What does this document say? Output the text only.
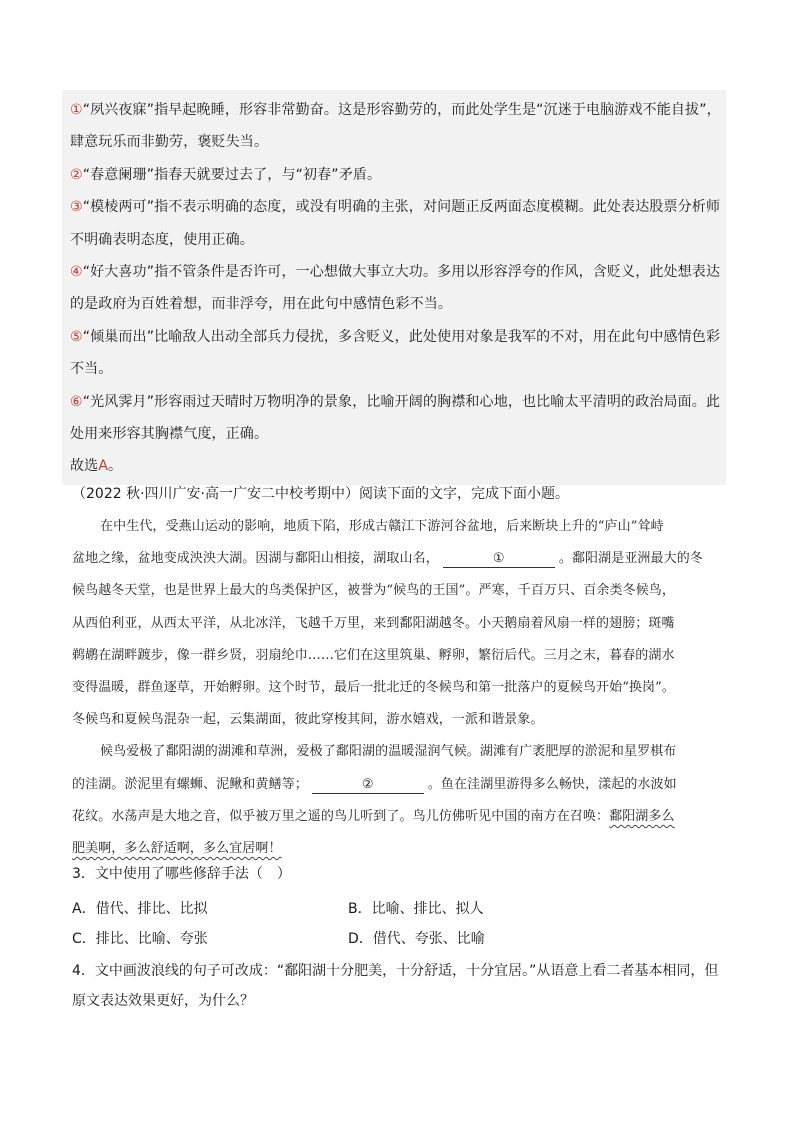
①“夙兴夜寐”指早起晚睡，形容非常勤奋。这是形容勤劳的，而此处学生是“沉迷于电脑游戏不能自拔”，
肆意玩乐而非勤劳，褒贬失当。
②“春意阑珊”指春天就要过去了，与“初春”矛盾。
③“模棱两可”指不表示明确的态度，或没有明确的主张，对问题正反两面态度模糊。此处表达股票分析师
不明确表明态度，使用正确。
④“好大喜功”指不管条件是否许可，一心想做大事立大功。多用以形容浮夸的作风，含贬义，此处想表达
的是政府为百姓着想，而非浮夸，用在此句中感情色彩不当。
⑤“倾巢而出”比喻敌人出动全部兵力侵扰，多含贬义，此处使用对象是我军的不对，用在此句中感情色彩
不当。
⑥“光风霁月”形容雨过天晴时万物明净的景象，比喻开阔的胸襟和心地，也比喻太平清明的政治局面。此
处用来形容其胸襟气度，正确。
故选A。
（2022 秋·四川广安·高一广安二中校考期中）阅读下面的文字，完成下面小题。
在中生代，受燕山运动的影响，地质下陷，形成古赣江下游河谷盆地，后来断块上升的“庐山”耸峙
盆地之缘，盆地变成泱泱大湖。因湖与鄱阳山相接，湖取山名，	①	。鄱阳湖是亚洲最大的冬
候鸟越冬天堂，也是世界上最大的鸟类保护区，被誉为“候鸟的王国”。严寒，千百万只、百余类冬候鸟，
从西伯利亚，从西太平洋，从北冰洋，飞越千万里，来到鄱阳湖越冬。小天鹅扇着风扇一样的翅膀；斑嘴
鹈鹕在湖畔踱步，像一群乡贤，羽扇纶巾……它们在这里筑巢、孵卵，繁衍后代。三月之末，暮春的湖水
变得温暖，群鱼逐草，开始孵卵。这个时节，最后一批北迁的冬候鸟和第一批落户的夏候鸟开始“换岗”。
冬候鸟和夏候鸟混杂一起，云集湖面，彼此穿梭其间，游水嬉戏，一派和谐景象。
候鸟爱极了鄱阳湖的湖滩和草洲，爱极了鄱阳湖的温暖湿润气候。湖滩有广袤肥厚的淤泥和星罗棋布
的洼湖。淤泥里有螺蛳、泥鳅和黄鳝等；	②	。鱼在洼湖里游得多么畅快，漾起的水波如
花纹。水荡声是大地之音，似乎被万里之遥的鸟儿听到了。鸟儿仿佛听见中国的南方在召唤：鄱阳湖多么
肥美啊，多么舒适啊，多么宜居啊！
3．文中使用了哪些修辞手法（　）
A．借代、排比、比拟	B．比喻、排比、拟人
C．排比、比喻、夸张	D．借代、夸张、比喻
4．文中画波浪线的句子可改成：“鄱阳湖十分肥美，十分舒适，十分宜居。”从语意上看二者基本相同，但
原文表达效果更好，为什么？
